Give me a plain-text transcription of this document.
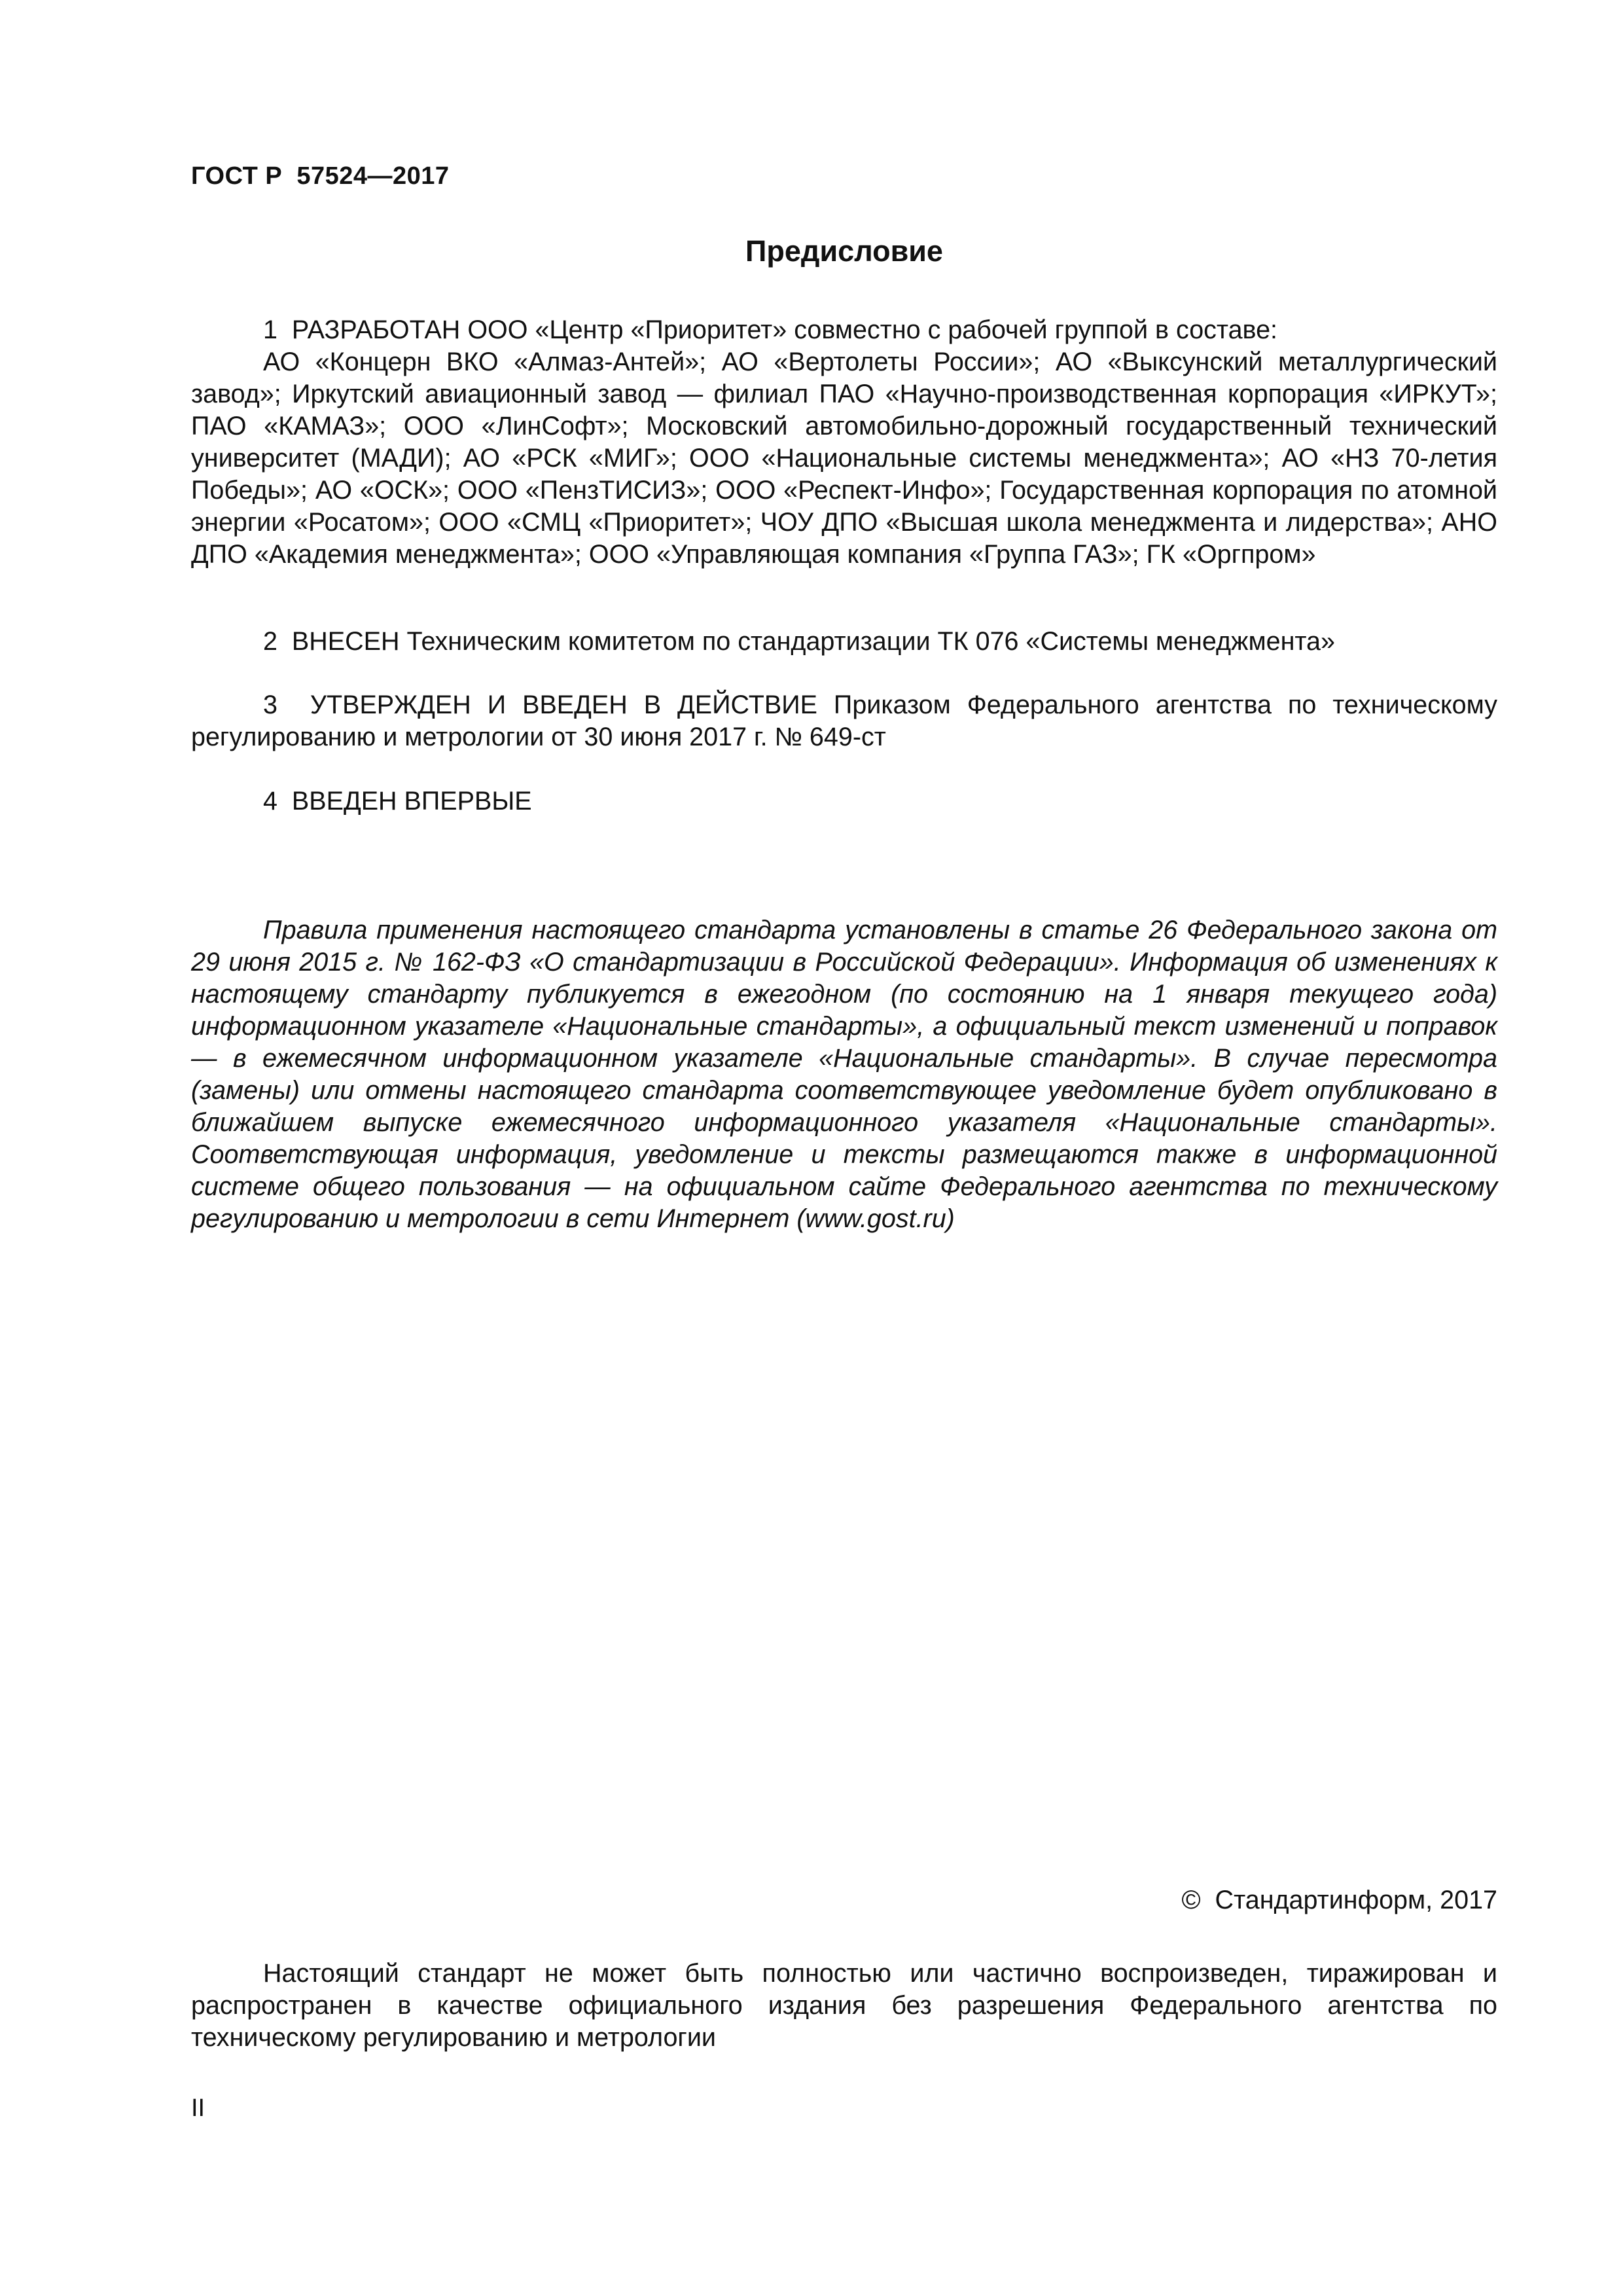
ГОСТ Р  57524—2017

Предисловие

1 РАЗРАБОТАН ООО «Центр «Приоритет» совместно с рабочей группой в составе:

АО «Концерн ВКО «Алмаз-Антей»; АО «Вертолеты России»; АО «Выксунский металлургический завод»; Иркутский авиационный завод — филиал ПАО «Научно-производственная корпорация «ИРКУТ»; ПАО «КАМАЗ»; ООО «ЛинСофт»; Московский автомобильно-дорожный государственный технический университет (МАДИ); АО «РСК «МИГ»; ООО «Национальные системы менеджмента»; АО «НЗ 70-летия Победы»; АО «ОСК»; ООО «ПензТИСИЗ»; ООО «Респект-Инфо»; Государственная корпорация по атомной энергии «Росатом»; ООО «СМЦ «Приоритет»; ЧОУ ДПО «Высшая школа менеджмента и лидерства»; АНО ДПО «Академия менеджмента»; ООО «Управляющая компания «Группа ГАЗ»; ГК «Оргпром»

2 ВНЕСЕН Техническим комитетом по стандартизации ТК 076 «Системы менеджмента»

3 УТВЕРЖДЕН И ВВЕДЕН В ДЕЙСТВИЕ Приказом Федерального агентства по техническому регулированию и метрологии от 30 июня 2017 г. № 649-ст

4 ВВЕДЕН ВПЕРВЫЕ

Правила применения настоящего стандарта установлены в статье 26 Федерального закона от 29 июня 2015 г. № 162-ФЗ «О стандартизации в Российской Федерации». Информация об изменениях к настоящему стандарту публикуется в ежегодном (по состоянию на 1 января текущего года) информационном указателе «Национальные стандарты», а официальный текст изменений и поправок — в ежемесячном информационном указателе «Национальные стандарты». В случае пересмотра (замены) или отмены настоящего стандарта соответствующее уведомление будет опубликовано в ближайшем выпуске ежемесячного информационного указателя «Национальные стандарты». Соответствующая информация, уведомление и тексты размещаются также в информационной системе общего пользования — на официальном сайте Федерального агентства по техническому регулированию и метрологии в сети Интернет (www.gost.ru)

© Стандартинформ, 2017

Настоящий стандарт не может быть полностью или частично воспроизведен, тиражирован и распространен в качестве официального издания без разрешения Федерального агентства по техническому регулированию и метрологии

II
